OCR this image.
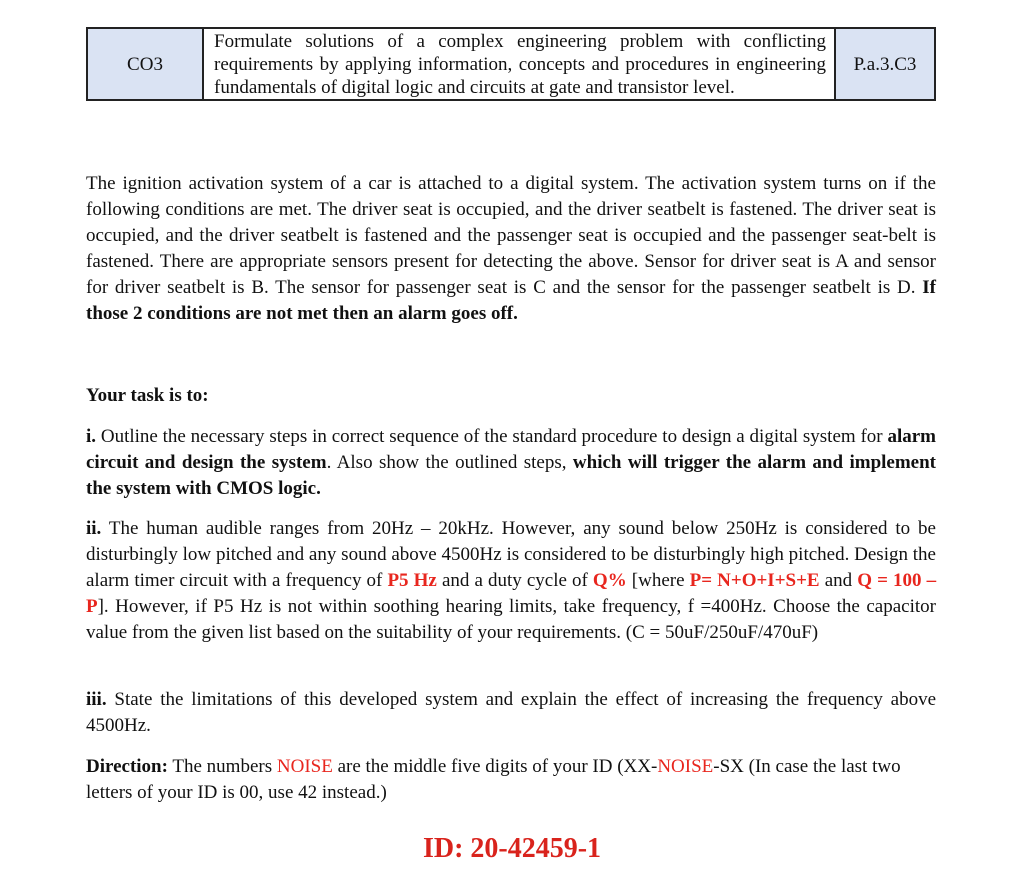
CO3	Formulate solutions of a complex engineering problem with conflicting requirements by applying information, concepts and procedures in engineering fundamentals of digital logic and circuits at gate and transistor level.	P.a.3.C3

The ignition activation system of a car is attached to a digital system. The activation system turns on if the following conditions are met. The driver seat is occupied, and the driver seatbelt is fastened. The driver seat is occupied, and the driver seatbelt is fastened and the passenger seat is occupied and the passenger seat-belt is fastened. There are appropriate sensors present for detecting the above. Sensor for driver seat is A and sensor for driver seatbelt is B. The sensor for passenger seat is C and the sensor for the passenger seatbelt is D. If those 2 conditions are not met then an alarm goes off.

Your task is to:

i. Outline the necessary steps in correct sequence of the standard procedure to design a digital system for alarm circuit and design the system. Also show the outlined steps, which will trigger the alarm and implement the system with CMOS logic.

ii. The human audible ranges from 20Hz – 20kHz. However, any sound below 250Hz is considered to be disturbingly low pitched and any sound above 4500Hz is considered to be disturbingly high pitched. Design the alarm timer circuit with a frequency of P5 Hz and a duty cycle of Q% [where P= N+O+I+S+E and Q = 100 – P]. However, if P5 Hz is not within soothing hearing limits, take frequency, f =400Hz. Choose the capacitor value from the given list based on the suitability of your requirements. (C = 50uF/250uF/470uF)

iii. State the limitations of this developed system and explain the effect of increasing the frequency above 4500Hz.

Direction: The numbers NOISE are the middle five digits of your ID (XX-NOISE-SX (In case the last two letters of your ID is 00, use 42 instead.)

ID: 20-42459-1
